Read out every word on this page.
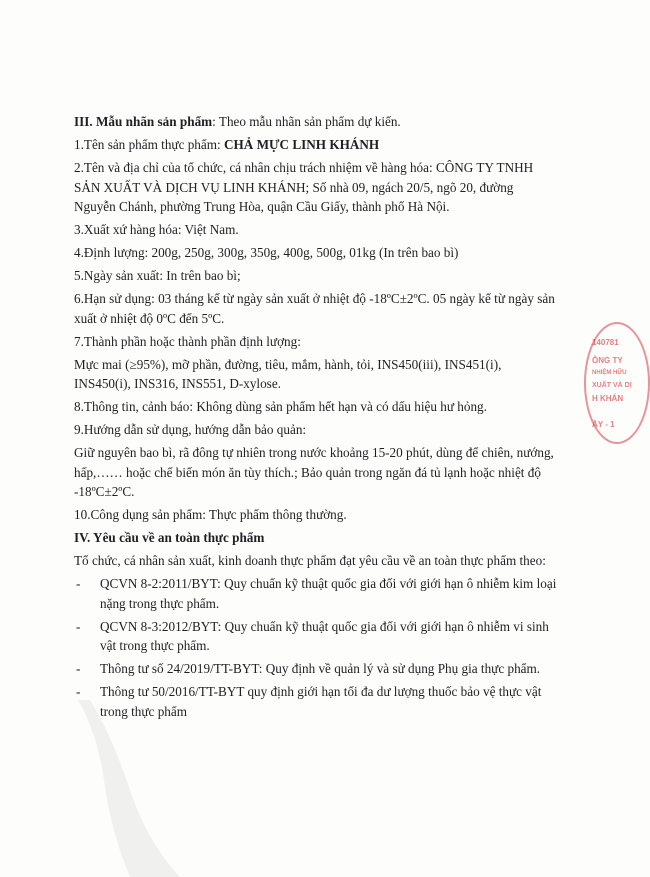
III. Mẫu nhãn sản phẩm: Theo mẫu nhãn sản phẩm dự kiến.

1.Tên sản phẩm thực phẩm: CHẢ MỰC LINH KHÁNH

2.Tên và địa chỉ của tổ chức, cá nhân chịu trách nhiệm về hàng hóa: CÔNG TY TNHH SẢN XUẤT VÀ DỊCH VỤ LINH KHÁNH; Số nhà 09, ngách 20/5, ngõ 20, đường Nguyễn Chánh, phường Trung Hòa, quận Cầu Giấy, thành phố Hà Nội.

3.Xuất xứ hàng hóa: Việt Nam.

4.Định lượng: 200g, 250g, 300g, 350g, 400g, 500g, 01kg (In trên bao bì)

5.Ngày sản xuất: In trên bao bì;

6.Hạn sử dụng: 03 tháng kể từ ngày sản xuất ở nhiệt độ -18ºC±2ºC. 05 ngày kể từ ngày sản xuất ở nhiệt độ 0ºC đến 5ºC.

7.Thành phần hoặc thành phần định lượng:

Mực mai (≥95%), mỡ phần, đường, tiêu, mắm, hành, tỏi, INS450(iii), INS451(i), INS450(i), INS316, INS551, D-xylose.

8.Thông tin, cảnh báo: Không dùng sản phẩm hết hạn và có dấu hiệu hư hỏng.

9.Hướng dẫn sử dụng, hướng dẫn bảo quản:

Giữ nguyên bao bì, rã đông tự nhiên trong nước khoảng 15-20 phút, dùng để chiên, nướng, hấp,…… hoặc chế biến món ăn tùy thích.; Bảo quản trong ngăn đá tủ lạnh hoặc nhiệt độ -18ºC±2ºC.

10.Công dụng sản phẩm: Thực phẩm thông thường.

IV. Yêu cầu về an toàn thực phẩm

Tổ chức, cá nhân sản xuất, kinh doanh thực phẩm đạt yêu cầu về an toàn thực phẩm theo:

-	QCVN 8-2:2011/BYT: Quy chuẩn kỹ thuật quốc gia đối với giới hạn ô nhiễm kim loại nặng trong thực phẩm.
-	QCVN 8-3:2012/BYT: Quy chuẩn kỹ thuật quốc gia đối với giới hạn ô nhiễm vi sinh vật trong thực phẩm.
-	Thông tư số 24/2019/TT-BYT: Quy định về quản lý và sử dụng Phụ gia thực phẩm.
-	Thông tư 50/2016/TT-BYT quy định giới hạn tối đa dư lượng thuốc bảo vệ thực vật trong thực phẩm
140781
ÔNG TY
NHIỆM HỮU
XUẤT VÀ DỊ
H KHÁN
ẦY - 1
